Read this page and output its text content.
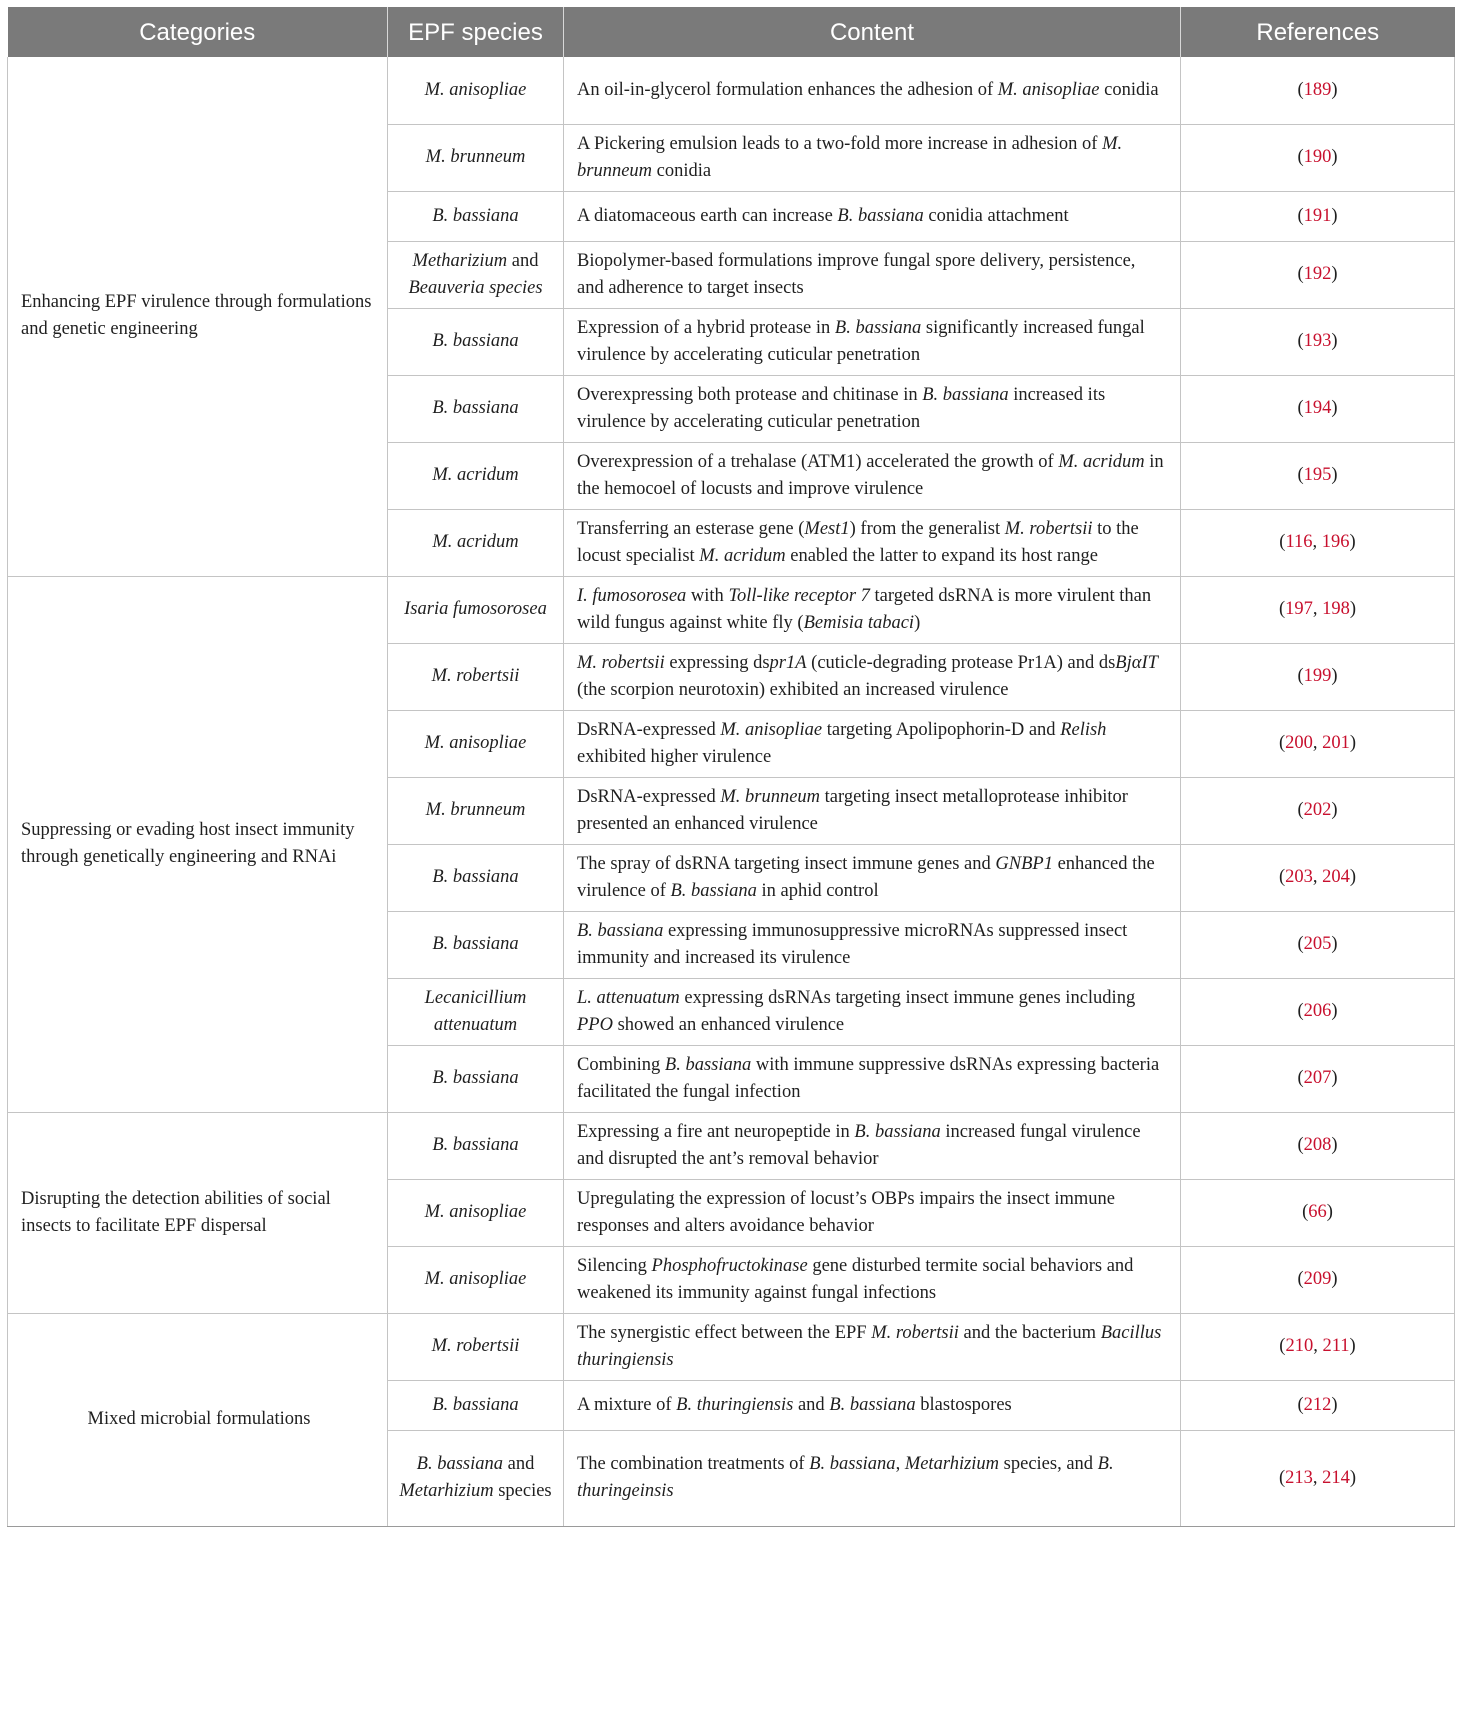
Categories	EPF species	Content	References
Enhancing EPF virulence through formulations and genetic engineering	M. anisopliae	An oil-in-glycerol formulation enhances the adhesion of M. anisopliae conidia	(189)
	M. brunneum	A Pickering emulsion leads to a two-fold more increase in adhesion of M. brunneum conidia	(190)
	B. bassiana	A diatomaceous earth can increase B. bassiana conidia attachment	(191)
	Metharizium and Beauveria species	Biopolymer-based formulations improve fungal spore delivery, persistence, and adherence to target insects	(192)
	B. bassiana	Expression of a hybrid protease in B. bassiana significantly increased fungal virulence by accelerating cuticular penetration	(193)
	B. bassiana	Overexpressing both protease and chitinase in B. bassiana increased its virulence by accelerating cuticular penetration	(194)
	M. acridum	Overexpression of a trehalase (ATM1) accelerated the growth of M. acridum in the hemocoel of locusts and improve virulence	(195)
	M. acridum	Transferring an esterase gene (Mest1) from the generalist M. robertsii to the locust specialist M. acridum enabled the latter to expand its host range	(116, 196)
Suppressing or evading host insect immunity through genetically engineering and RNAi	Isaria fumosorosea	I. fumosorosea with Toll-like receptor 7 targeted dsRNA is more virulent than wild fungus against white fly (Bemisia tabaci)	(197, 198)
	M. robertsii	M. robertsii expressing dspr1A (cuticle-degrading protease Pr1A) and dsBjαIT (the scorpion neurotoxin) exhibited an increased virulence	(199)
	M. anisopliae	DsRNA-expressed M. anisopliae targeting Apolipophorin-D and Relish exhibited higher virulence	(200, 201)
	M. brunneum	DsRNA-expressed M. brunneum targeting insect metalloprotease inhibitor presented an enhanced virulence	(202)
	B. bassiana	The spray of dsRNA targeting insect immune genes and GNBP1 enhanced the virulence of B. bassiana in aphid control	(203, 204)
	B. bassiana	B. bassiana expressing immunosuppressive microRNAs suppressed insect immunity and increased its virulence	(205)
	Lecanicillium attenuatum	L. attenuatum expressing dsRNAs targeting insect immune genes including PPO showed an enhanced virulence	(206)
	B. bassiana	Combining B. bassiana with immune suppressive dsRNAs expressing bacteria facilitated the fungal infection	(207)
Disrupting the detection abilities of social insects to facilitate EPF dispersal	B. bassiana	Expressing a fire ant neuropeptide in B. bassiana increased fungal virulence and disrupted the ant’s removal behavior	(208)
	M. anisopliae	Upregulating the expression of locust’s OBPs impairs the insect immune responses and alters avoidance behavior	(66)
	M. anisopliae	Silencing Phosphofructokinase gene disturbed termite social behaviors and weakened its immunity against fungal infections	(209)
Mixed microbial formulations	M. robertsii	The synergistic effect between the EPF M. robertsii and the bacterium Bacillus thuringiensis	(210, 211)
	B. bassiana	A mixture of B. thuringiensis and B. bassiana blastospores	(212)
	B. bassiana and Metarhizium species	The combination treatments of B. bassiana, Metarhizium species, and B. thuringeinsis	(213, 214)
